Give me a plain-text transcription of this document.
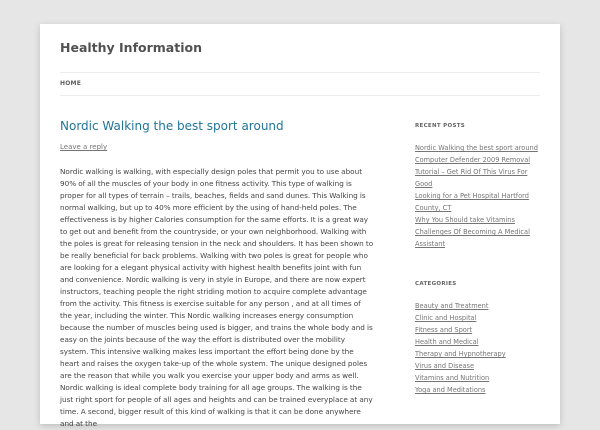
Healthy Information
HOME
Nordic Walking the best sport around
Leave a reply
Nordic walking is walking, with especially design poles that permit you to use about 90% of all the muscles of your body in one fitness activity. This type of walking is proper for all types of terrain – trails, beaches, fields and sand dunes. This Walking is normal walking, but up to 40% more efficient by the using of hand-held poles. The effectiveness is by higher Calories consumption for the same efforts. It is a great way to get out and benefit from the countryside, or your own neighborhood. Walking with the poles is great for releasing tension in the neck and shoulders. It has been shown to be really beneficial for back problems. Walking with two poles is great for people who are looking for a elegant physical activity with highest health benefits joint with fun and convenience. Nordic walking is very in style in Europe, and there are now expert instructors, teaching people the right striding motion to acquire complete advantage from the activity. This fitness is exercise suitable for any person , and at all times of the year, including the winter. This Nordic walking increases energy consumption because the number of muscles being used is bigger, and trains the whole body and is easy on the joints because of the way the effort is distributed over the mobility system. This intensive walking makes less important the effort being done by the heart and raises the oxygen take-up of the whole system. The unique designed poles are the reason that while you walk you exercise your upper body and arms as well. Nordic walking is ideal complete body training for all age groups. The walking is the just right sport for people of all ages and heights and can be trained everyplace at any time. A second, bigger result of this kind of walking is that it can be done anywhere and at the
RECENT POSTS
Nordic Walking the best sport around
Computer Defender 2009 Removal Tutorial – Get Rid Of This Virus For Good
Looking for a Pet Hospital Hartford County, CT
Why You Should take Vitamins
Challenges Of Becoming A Medical Assistant
CATEGORIES
Beauty and Treatment
Clinic and Hospital
Fitness and Sport
Health and Medical
Therapy and Hypnotherapy
Virus and Disease
Vitamins and Nutrition
Yoga and Meditations
